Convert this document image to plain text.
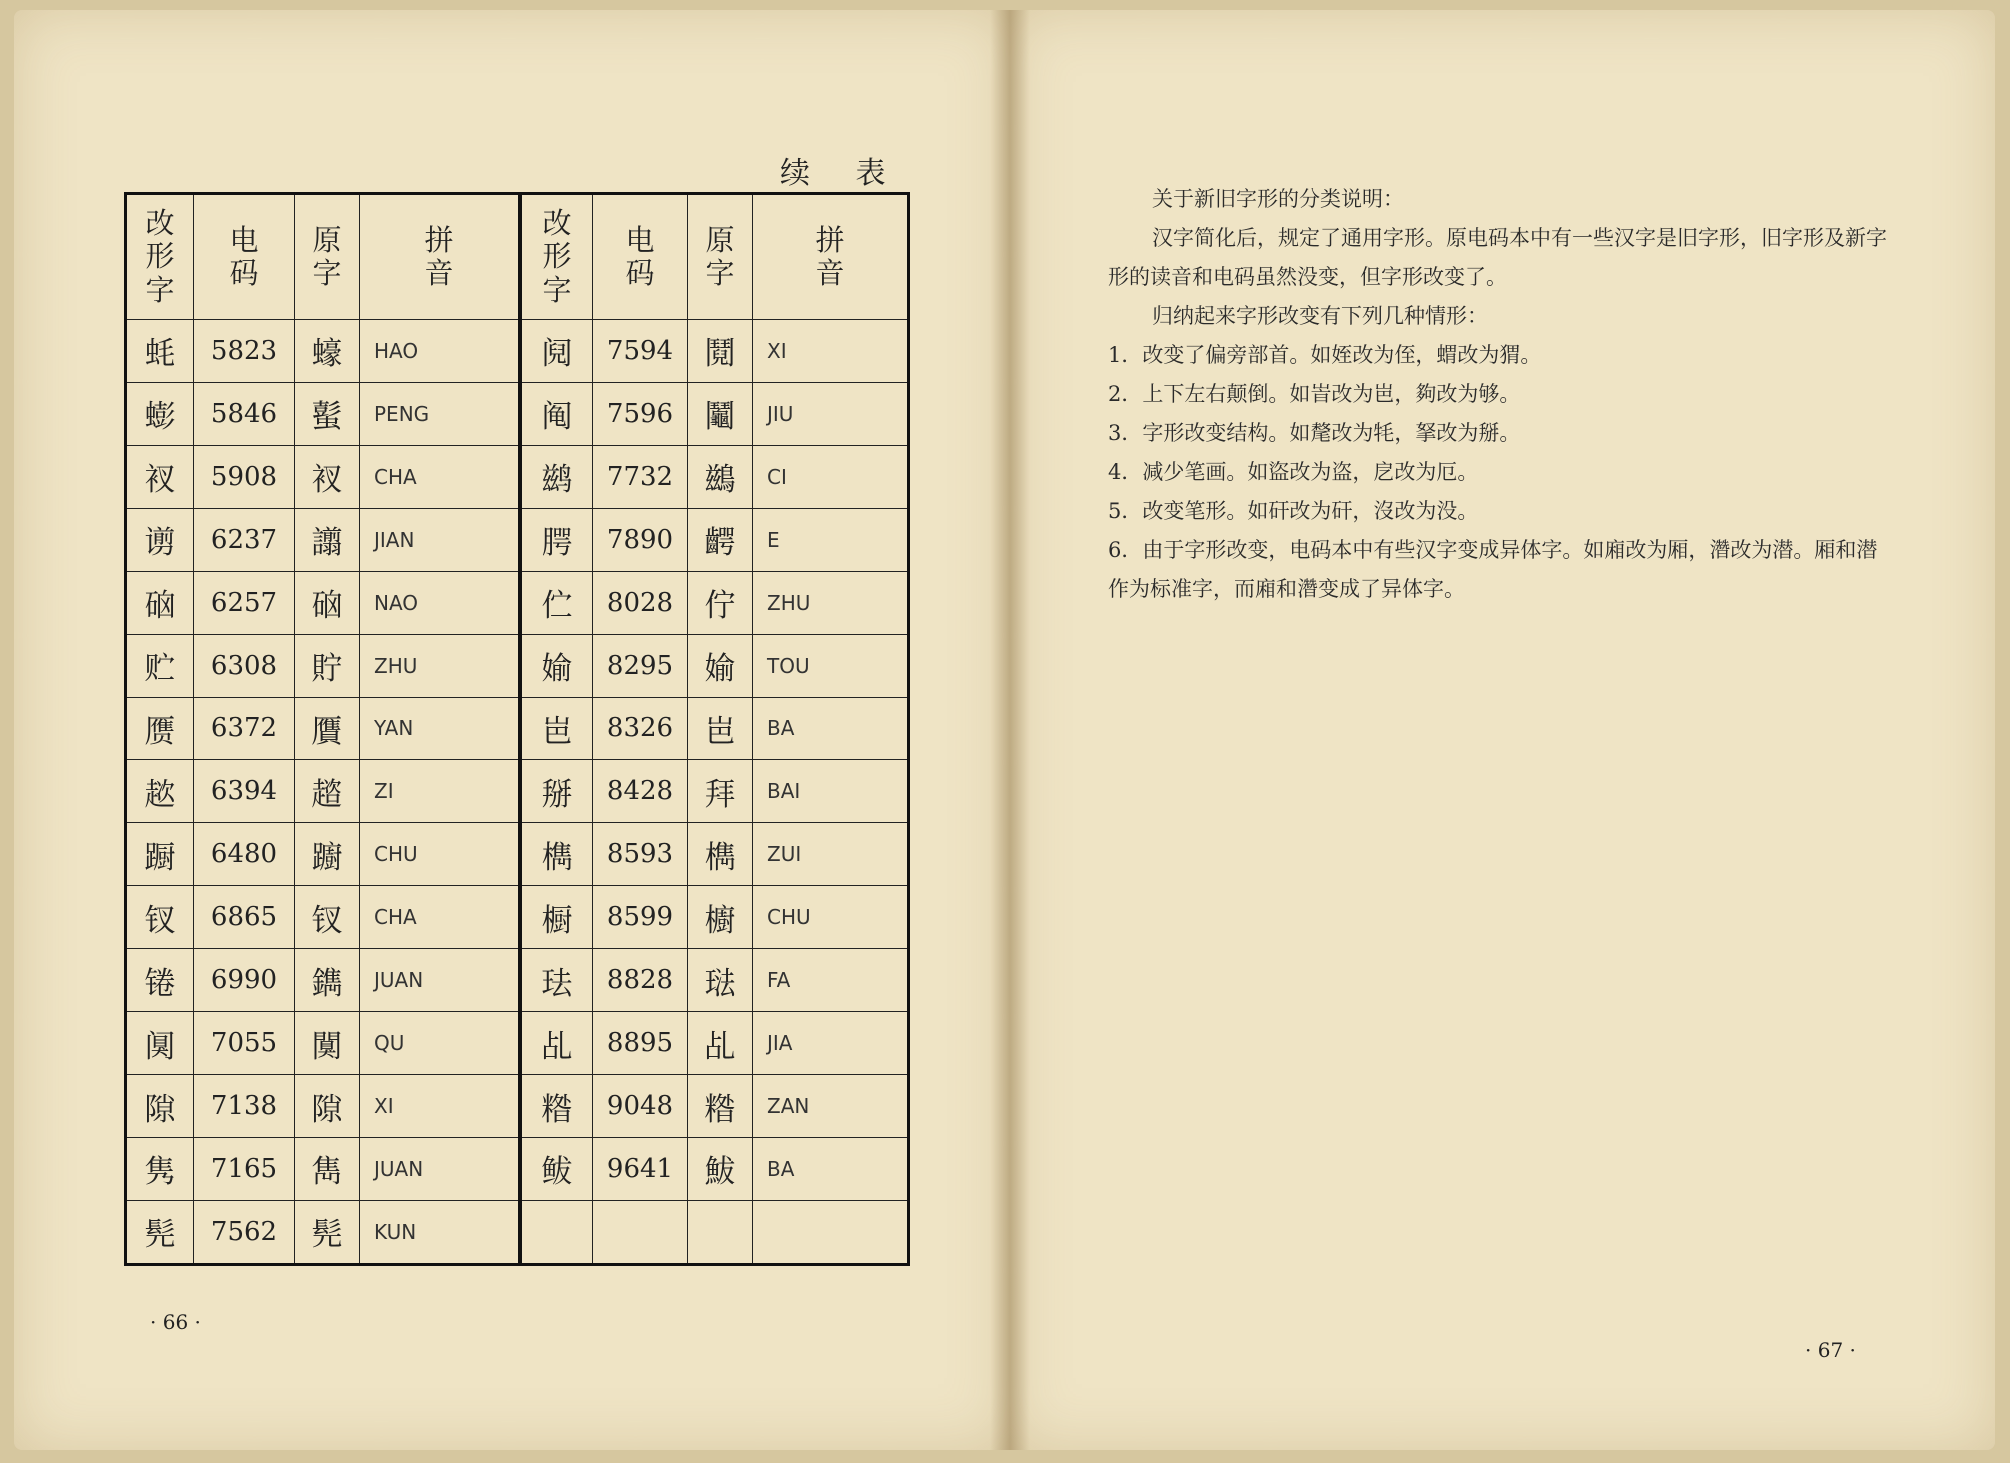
续 表
改形字	电码	原字	拼音	改形字	电码	原字	拼音
蚝	5823	蠔	HAO	阋	7594	鬩	XI
蟛	5846	蟚	PENG	阄	7596	鬮	JIU
衩	5908	衩	CHA	鹚	7732	鷀	CI
谫	6237	譾	JIAN	腭	7890	齶	E
硇	6257	硇	NAO	伫	8028	佇	ZHU
贮	6308	貯	ZHU	媮	8295	媮	TOU
赝	6372	贋	YAN	岜	8326	岜	BA
趑	6394	趦	ZI	掰	8428	拜	BAI
蹰	6480	躕	CHU	檇	8593	檇	ZUI
钗	6865	钗	CHA	橱	8599	櫥	CHU
锩	6990	鐫	JUAN	珐	8828	琺	FA
阒	7055	闃	QU	乩	8895	乩	JIA
隙	7138	隙	XI	糌	9048	糌	ZAN
隽	7165	雋	JUAN	鲅	9641	鮁	BA
髡	7562	髡	KUN				
· 66 ·

关于新旧字形的分类说明：

汉字简化后，规定了通用字形。原电码本中有一些汉字是旧字形，旧字形及新字形的读音和电码虽然没变，但字形改变了。

归纳起来字形改变有下列几种情形：

1．改变了偏旁部首。如姪改为侄，蝟改为猬。

2．上下左右颠倒。如峕改为岜，夠改为够。

3．字形改变结构。如氂改为牦，拏改为掰。

4．减少笔画。如盜改为盗，戹改为厄。

5．改变笔形。如矸改为矸，沒改为没。

6．由于字形改变，电码本中有些汉字变成异体字。如廂改为厢，濳改为潜。厢和潜作为标准字，而廂和濳变成了异体字。

· 67 ·
